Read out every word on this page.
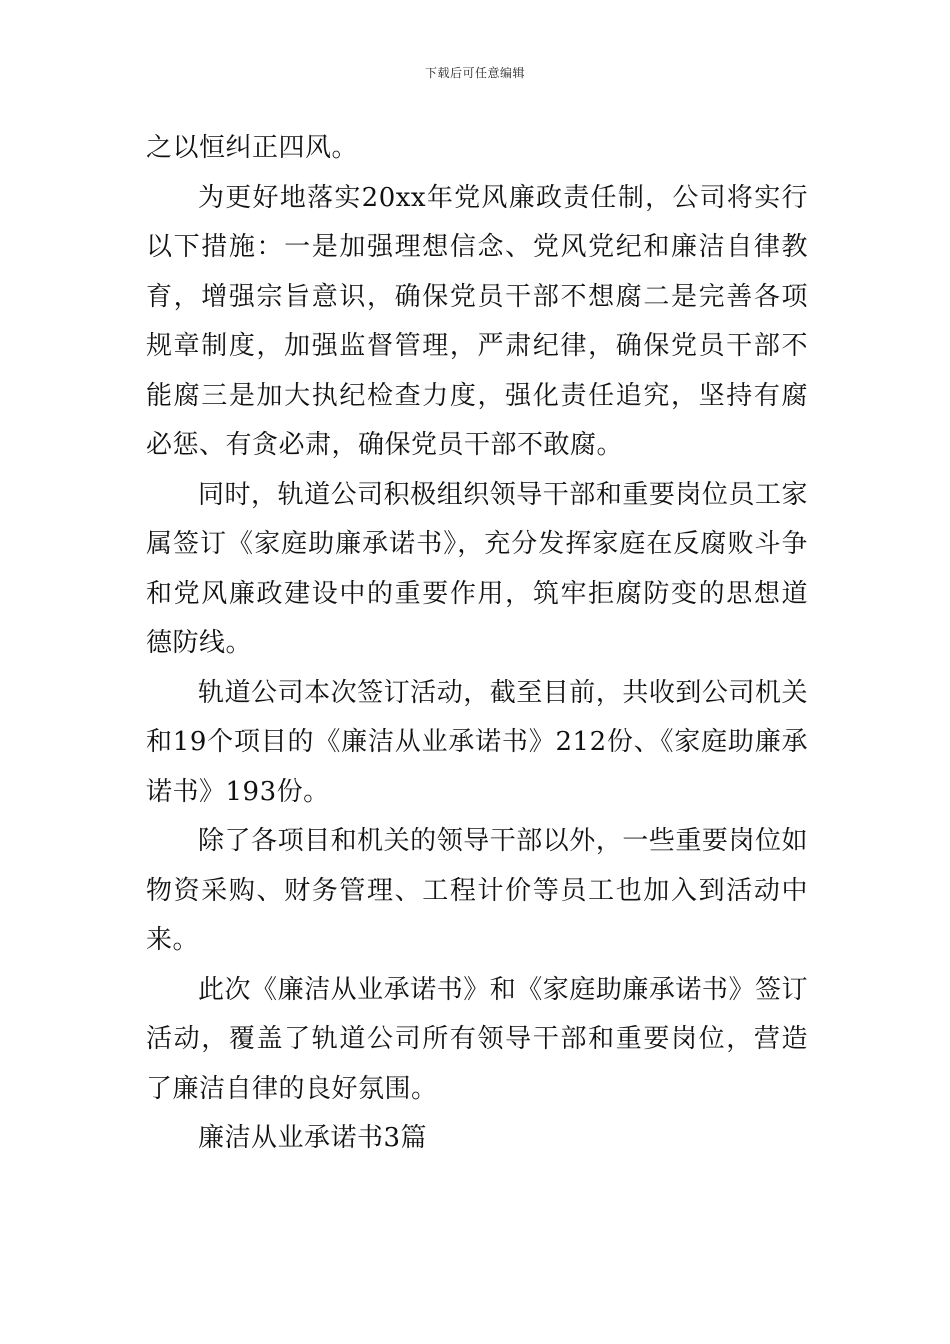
下载后可任意编辑

之以恒纠正四风。

为更好地落实20xx年党风廉政责任制，公司将实行以下措施：一是加强理想信念、党风党纪和廉洁自律教育，增强宗旨意识，确保党员干部不想腐二是完善各项规章制度，加强监督管理，严肃纪律，确保党员干部不能腐三是加大执纪检查力度，强化责任追究，坚持有腐必惩、有贪必肃，确保党员干部不敢腐。

同时，轨道公司积极组织领导干部和重要岗位员工家属签订《家庭助廉承诺书》，充分发挥家庭在反腐败斗争和党风廉政建设中的重要作用，筑牢拒腐防变的思想道德防线。

轨道公司本次签订活动，截至目前，共收到公司机关和19个项目的《廉洁从业承诺书》212份、《家庭助廉承诺书》193份。

除了各项目和机关的领导干部以外，一些重要岗位如物资采购、财务管理、工程计价等员工也加入到活动中来。

此次《廉洁从业承诺书》和《家庭助廉承诺书》签订活动，覆盖了轨道公司所有领导干部和重要岗位，营造了廉洁自律的良好氛围。

廉洁从业承诺书3篇
